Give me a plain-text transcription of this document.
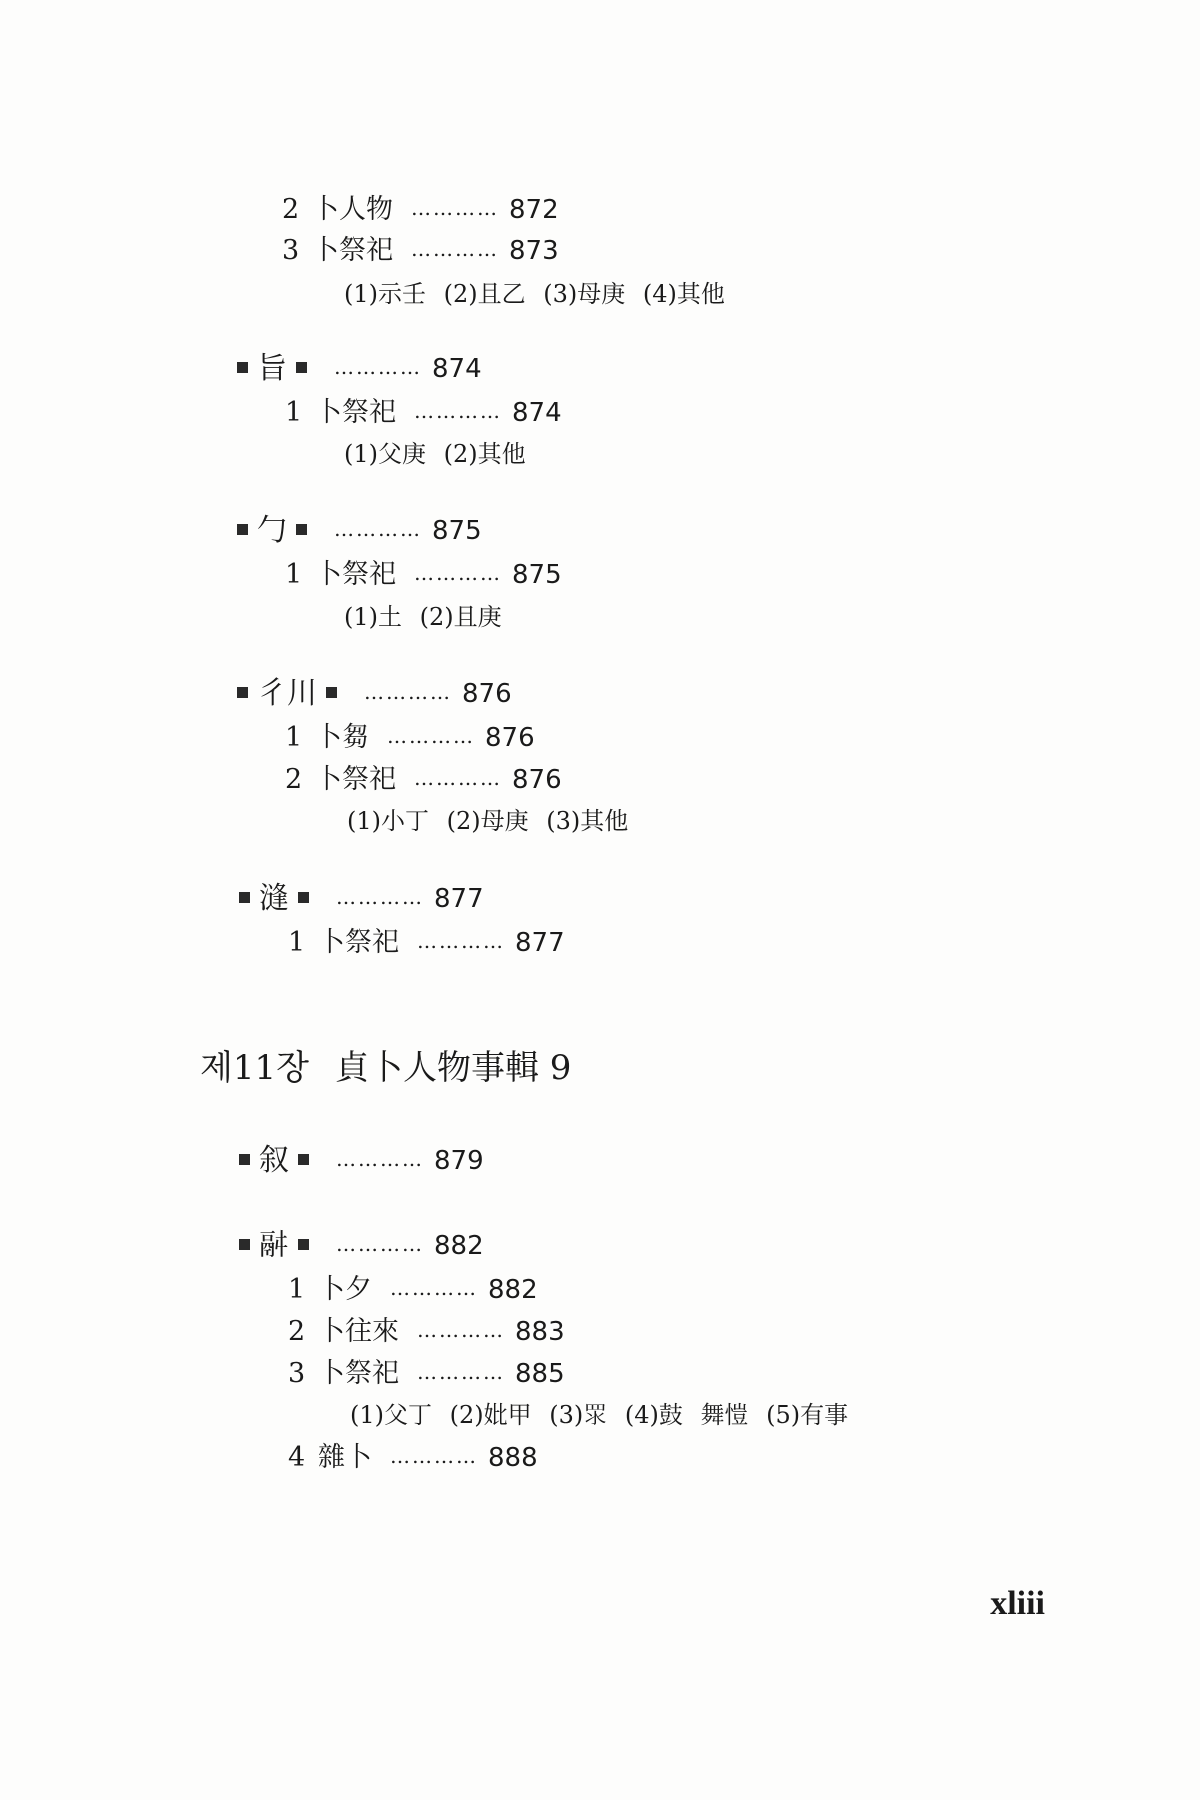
2 卜人物 ………… 872
3 卜祭祀 ………… 873
(1)示壬 (2)且乙 (3)母庚 (4)其他
旨 ………… 874
1 卜祭祀 ………… 874
(1)父庚 (2)其他
勹 ………… 875
1 卜祭祀 ………… 875
(1)土 (2)且庚
彳川 ………… 876
1 卜芻 ………… 876
2 卜祭祀 ………… 876
(1)小丁 (2)母庚 (3)其他
漨 ………… 877
1 卜祭祀 ………… 877
제11장 貞卜人物事輯 9
叙 ………… 879
𩰫 ………… 882
1 卜夕 ………… 882
2 卜往來 ………… 883
3 卜祭祀 ………… 885
(1)父丁 (2)妣甲 (3)𥄳 (4)鼓 舞愷 (5)有事
4 雜卜 ………… 888
xliii
